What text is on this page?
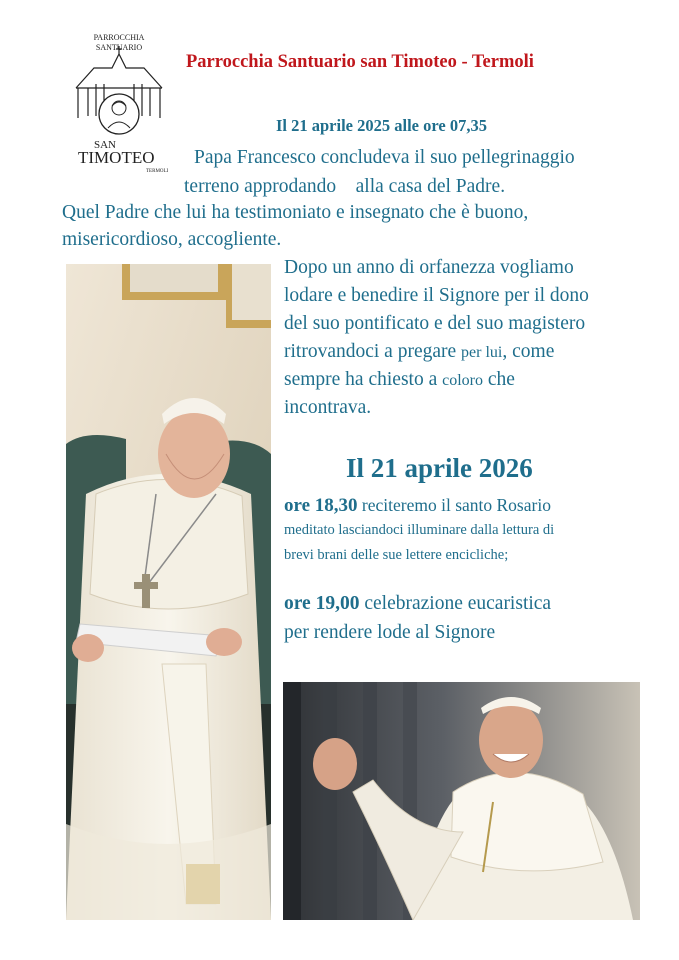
PARROCCHIA
SANTUARIO
SAN
TIMOTEO
TERMOLI
Parrocchia Santuario san Timoteo - Termoli
Il 21 aprile 2025 alle ore 07,35
Papa Francesco concludeva il suo pellegrinaggio
terreno approdando    alla casa del Padre.
Quel Padre che lui ha testimoniato e insegnato che è buono,
misericordioso, accogliente.
Dopo un anno di orfanezza vogliamo
lodare e benedire il Signore per il dono
del suo pontificato e del suo magistero
ritrovandoci a pregare per lui, come
sempre ha chiesto a coloro che
incontrava.
Il 21 aprile 2026
ore 18,30 reciteremo il santo Rosario
meditato lasciandoci illuminare dalla lettura di
brevi brani delle sue lettere encicliche;
ore 19,00 celebrazione eucaristica
per rendere lode al Signore
